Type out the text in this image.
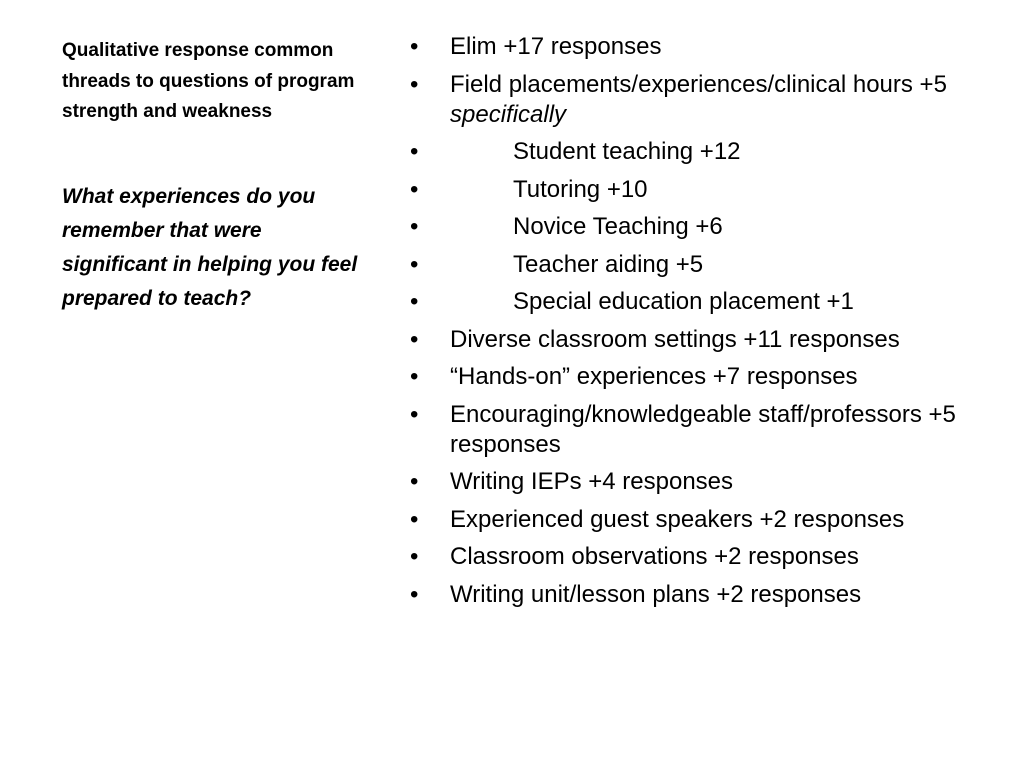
Qualitative response common threads to questions of program strength and weakness

What experiences do you remember that were significant in helping you feel prepared to teach?
•	Elim +17 responses
•	Field placements/experiences/clinical hours +5 specifically
•	Student teaching +12
•	Tutoring +10
•	Novice Teaching +6
•	Teacher aiding +5
•	Special education placement +1
•	Diverse classroom settings +11 responses
•	“Hands-on” experiences +7 responses
•	Encouraging/knowledgeable staff/professors +5 responses
•	Writing IEPs +4 responses
•	Experienced guest speakers +2 responses
•	Classroom observations +2 responses
•	Writing unit/lesson plans +2 responses
